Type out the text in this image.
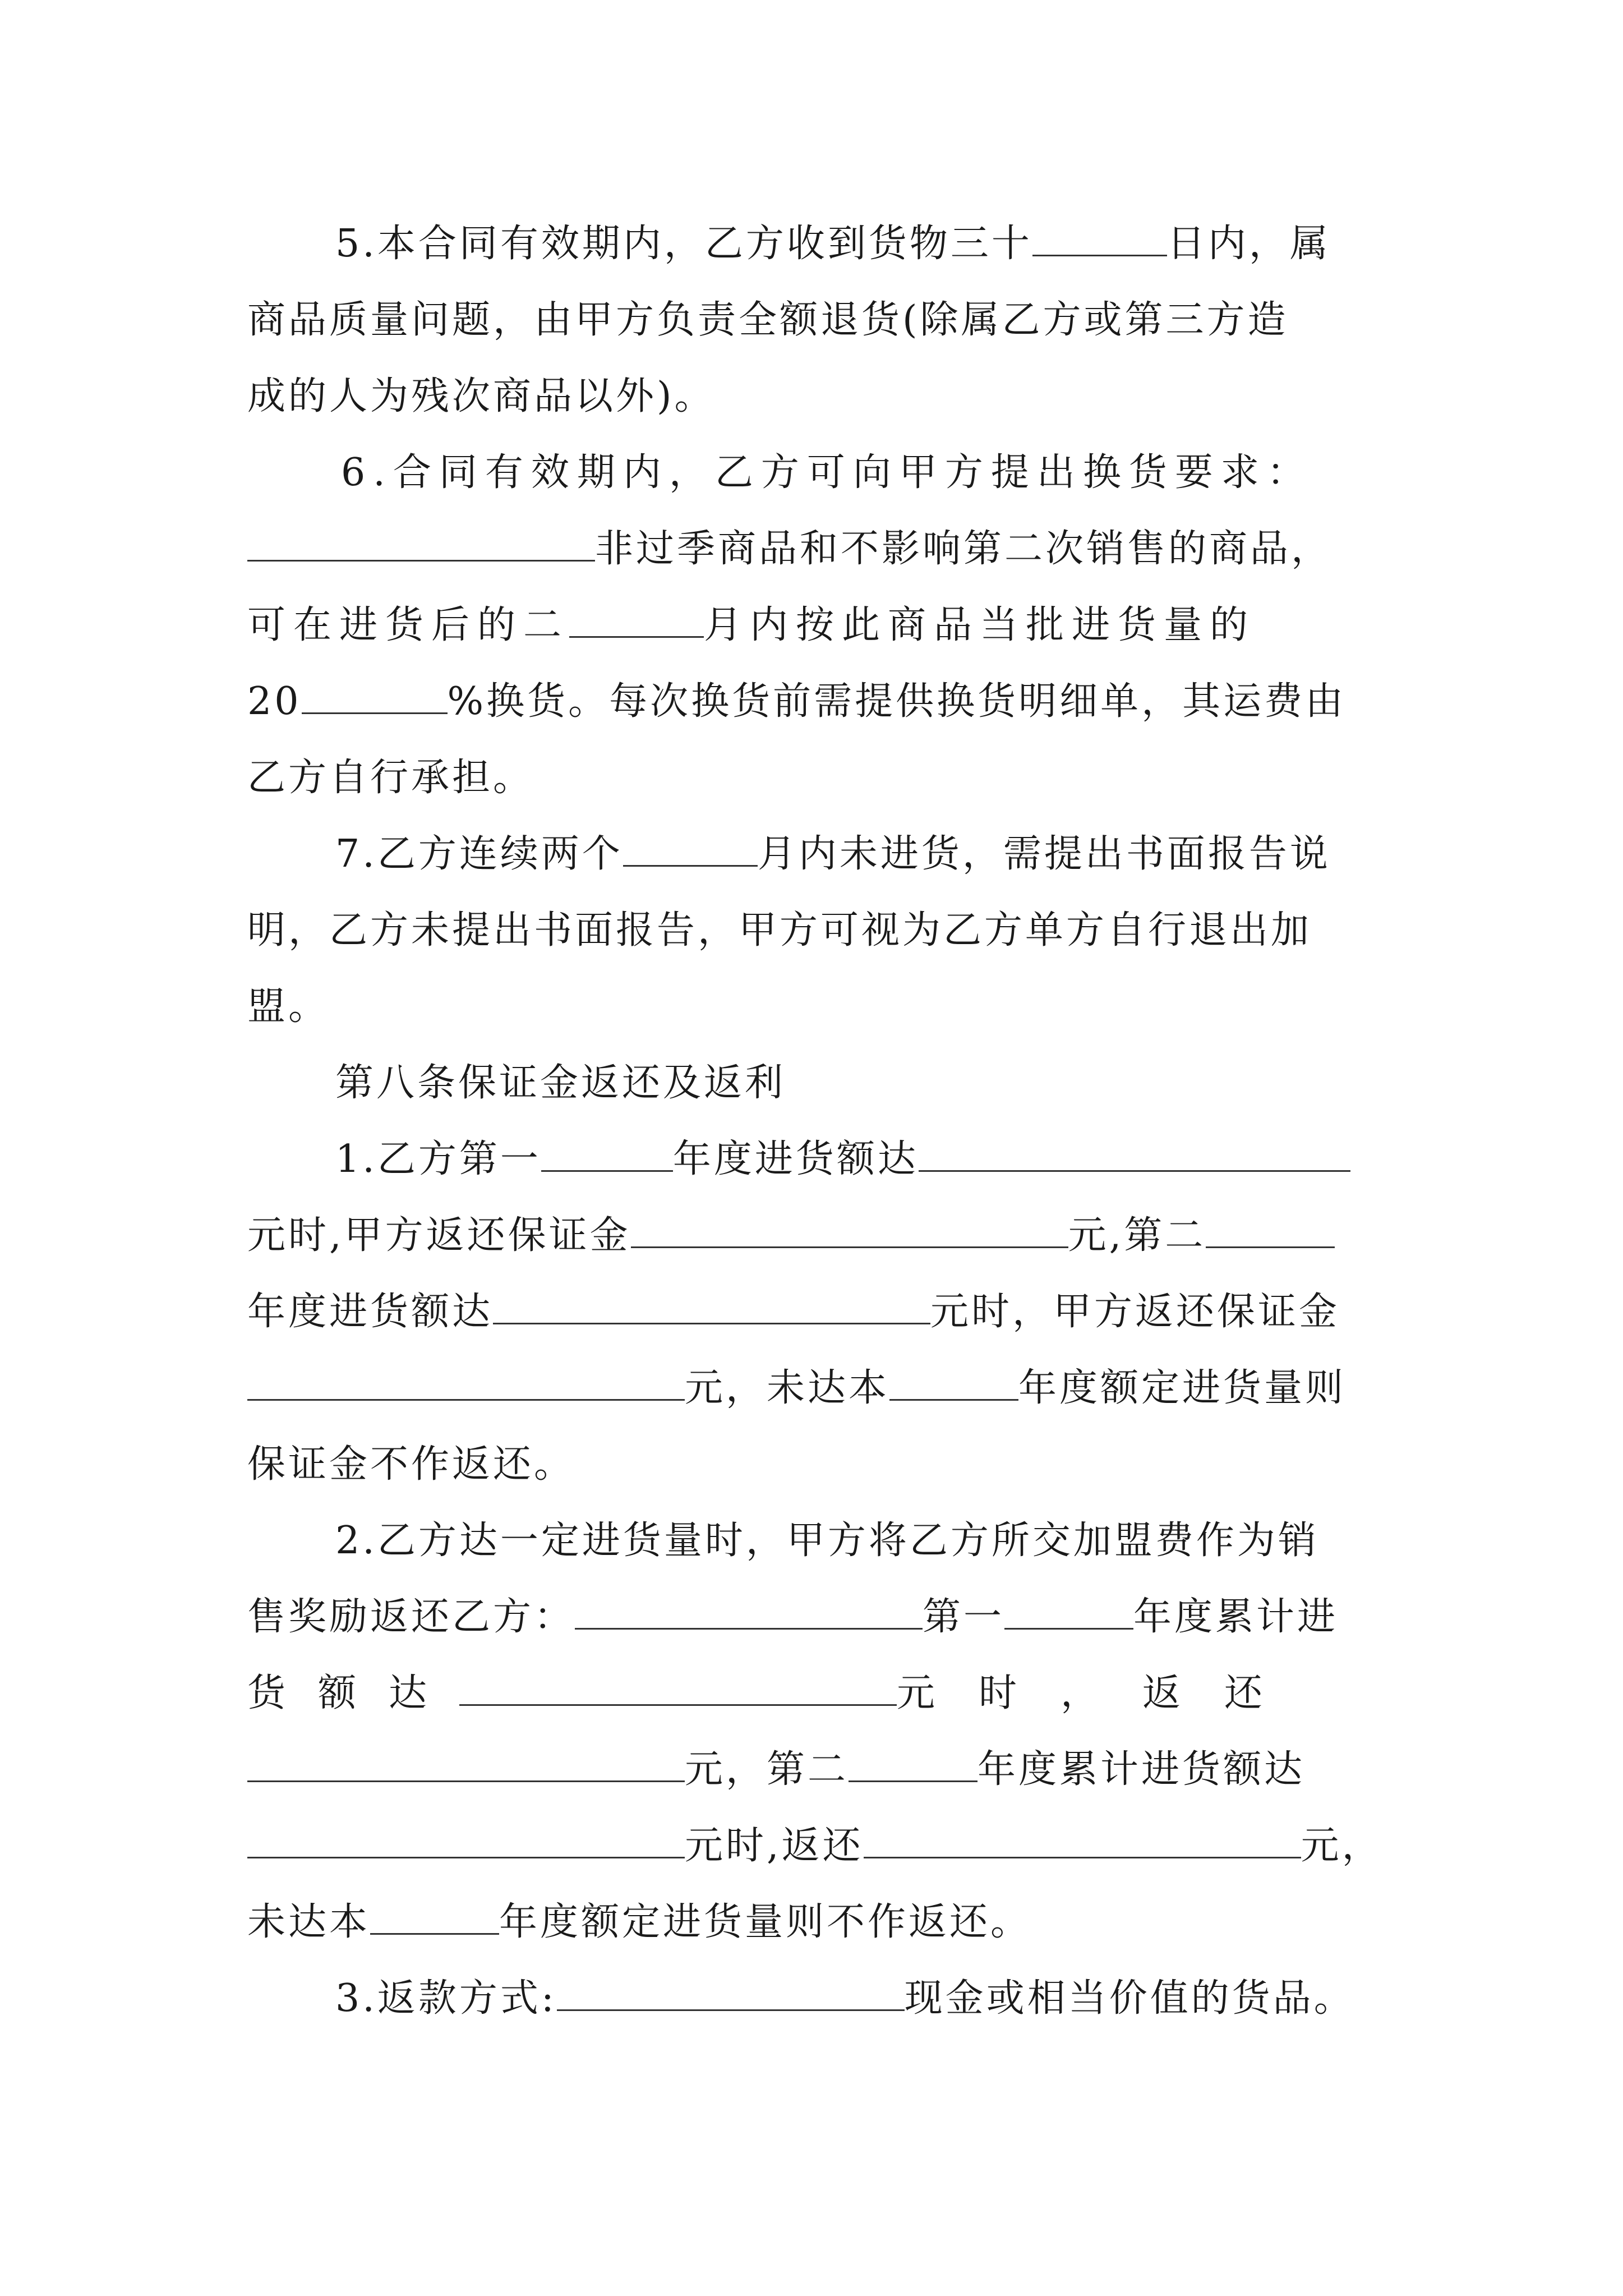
5.本合同有效期内，乙方收到货物三十	日内，属
商品质量问题，由甲方负责全额退货(除属乙方或第三方造
成的人为残次商品以外)。
6.合同有效期内，乙方可向甲方提出换货要求：
非过季商品和不影响第二次销售的商品，
可在进货后的二	月内按此商品当批进货量的
20	%换货。每次换货前需提供换货明细单，其运费由
乙方自行承担。
7.乙方连续两个	月内未进货，需提出书面报告说
明，乙方未提出书面报告，甲方可视为乙方单方自行退出加
盟。
第八条保证金返还及返利
1.乙方第一	年度进货额达
元时,甲方返还保证金	元,第二
年度进货额达	元时，甲方返还保证金
元，未达本	年度额定进货量则
保证金不作返还。
2.乙方达一定进货量时，甲方将乙方所交加盟费作为销
售奖励返还乙方：	第一	年度累计进
货额达	元时，返还
元，第二	年度累计进货额达
元时,返还	元，
未达本	年度额定进货量则不作返还。
3.返款方式:	现金或相当价值的货品。
